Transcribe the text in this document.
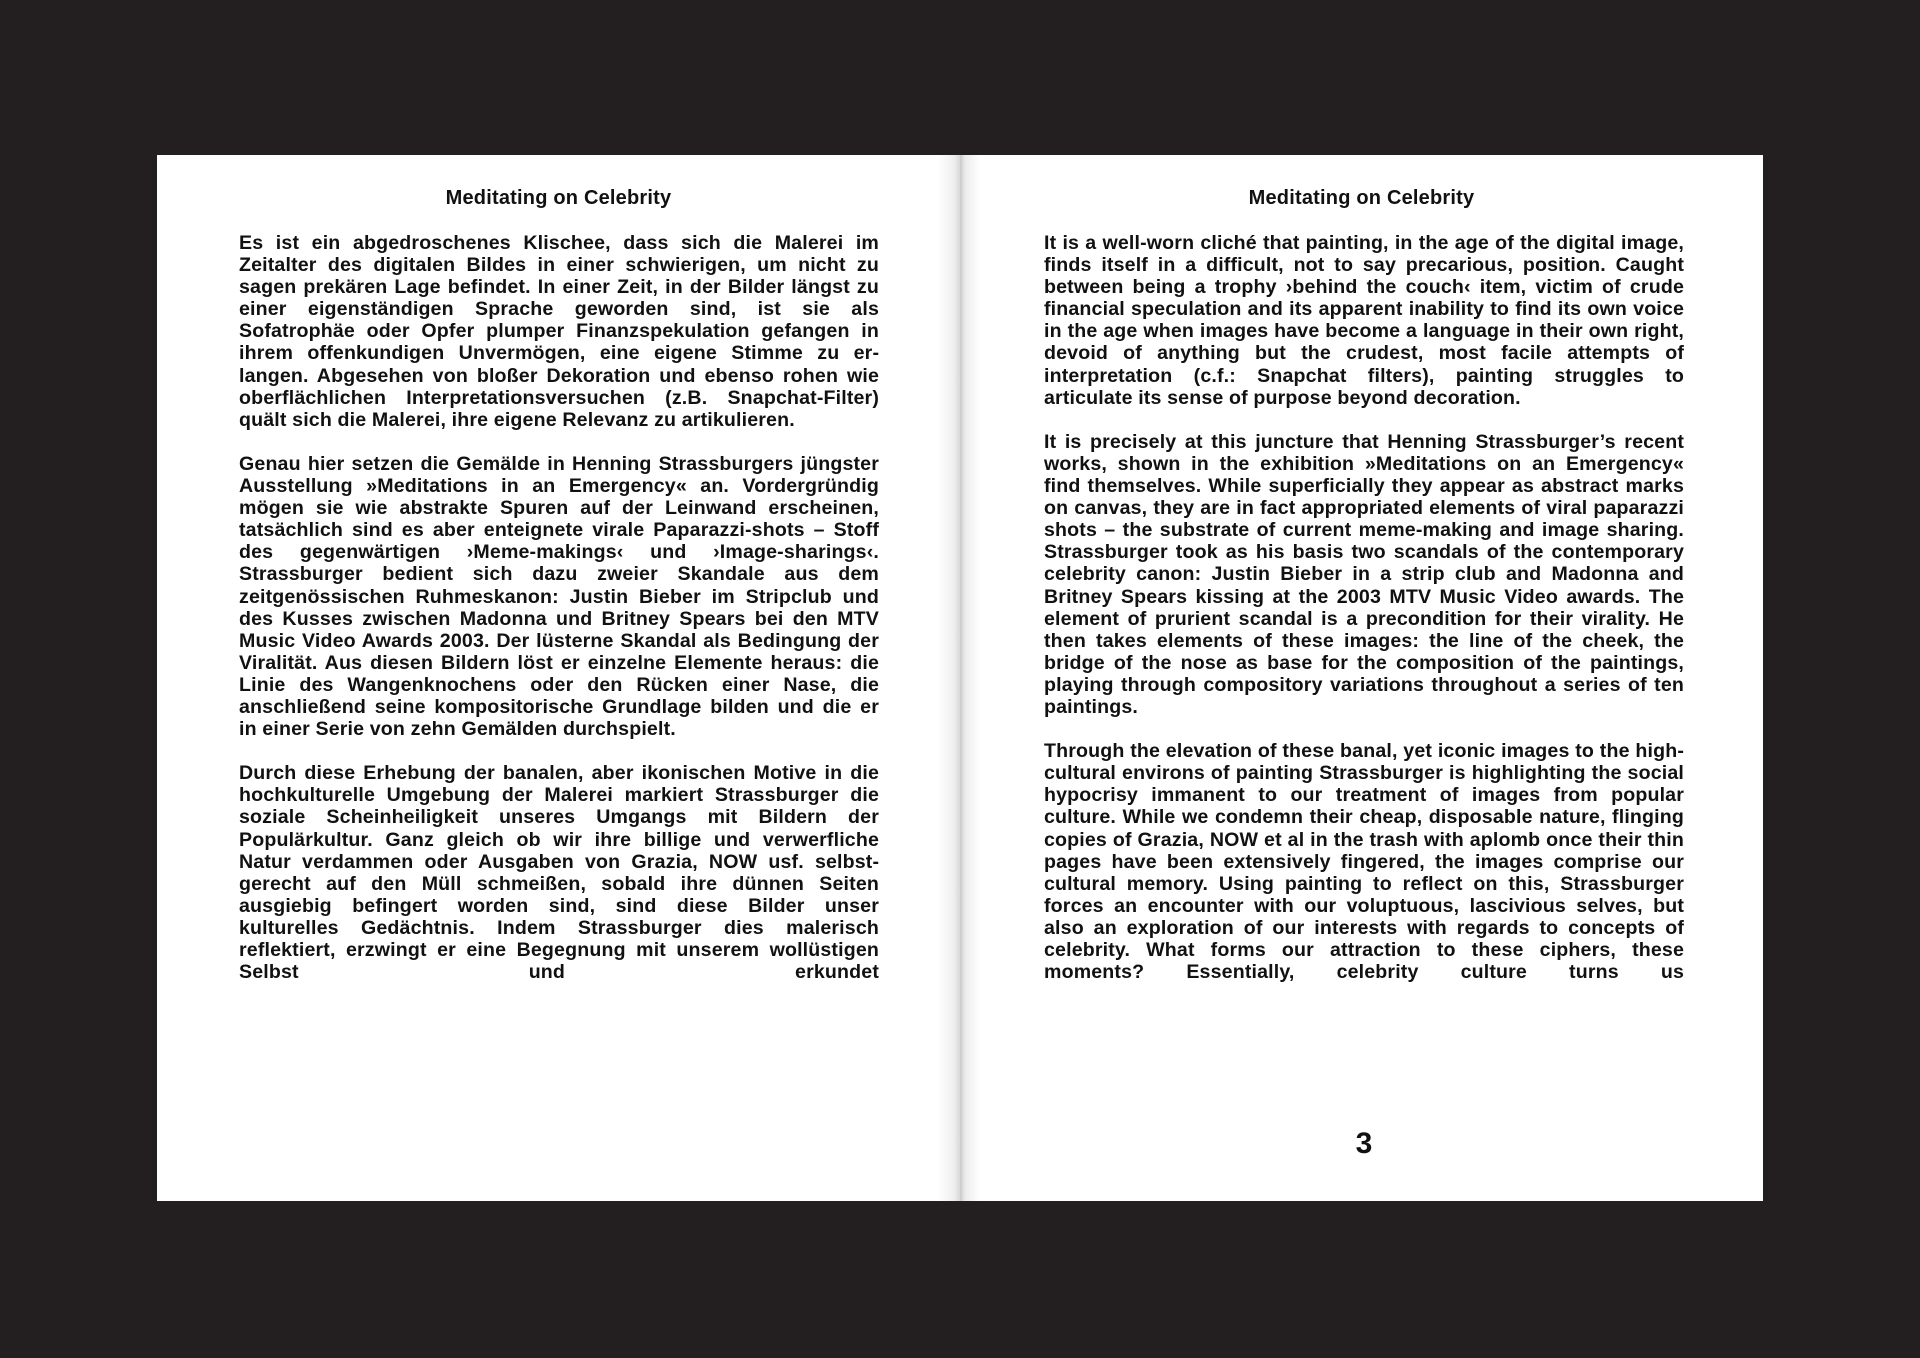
Meditating on Celebrity

Es ist ein abgedroschenes Klischee, dass sich die Malerei im Zeitalter des digitalen Bildes in einer schwierigen, um nicht zu sagen prekären Lage befindet. In einer Zeit, in der Bilder längst zu einer eigenständigen Sprache geworden sind, ist sie als Sofatrophäe oder Opfer plumper Finanzspekulation gefangen in ihrem offenkundigen Unvermögen, eine eigene Stimme zu erlangen. Abgesehen von bloßer Dekoration und ebenso rohen wie oberflächlichen Interpretationsversuchen (z.B. Snapchat-Filter) quält sich die Malerei, ihre eigene Relevanz zu artikulieren.

Genau hier setzen die Gemälde in Henning Strassburgers jüngster Ausstellung »Meditations in an Emergency« an. Vordergründig mögen sie wie abstrakte Spuren auf der Leinwand erscheinen, tatsächlich sind es aber enteignete virale Paparazzi-shots – Stoff des gegenwärtigen ›Meme-makings‹ und ›Image-sharings‹. Strassburger bedient sich dazu zweier Skandale aus dem zeitgenössischen Ruhmeskanon: Justin Bieber im Stripclub und des Kusses zwischen Madonna und Britney Spears bei den MTV Music Video Awards 2003. Der lüsterne Skandal als Bedingung der Viralität. Aus diesen Bildern löst er einzelne Elemente heraus: die Linie des Wangenknochens oder den Rücken einer Nase, die anschließend seine kompositorische Grundlage bilden und die er in einer Serie von zehn Gemälden durchspielt.

Durch diese Erhebung der banalen, aber ikonischen Motive in die hochkulturelle Umgebung der Malerei markiert Strassburger die soziale Scheinheiligkeit unseres Umgangs mit Bildern der Populärkultur. Ganz gleich ob wir ihre billige und verwerfliche Natur verdammen oder Ausgaben von Grazia, NOW usf. selbstgerecht auf den Müll schmeißen, sobald ihre dünnen Seiten ausgiebig befingert worden sind, sind diese Bilder unser kulturelles Gedächtnis. Indem Strassburger dies malerisch reflektiert, erzwingt er eine Begegnung mit unserem wollüstigen Selbst und erkundet

Meditating on Celebrity

It is a well-worn cliché that painting, in the age of the digital image, finds itself in a difficult, not to say precarious, position. Caught between being a trophy ›behind the couch‹ item, victim of crude financial speculation and its apparent inability to find its own voice in the age when images have become a language in their own right, devoid of anything but the crudest, most facile attempts of interpretation (c.f.: Snapchat filters), painting struggles to articulate its sense of purpose beyond decoration.

It is precisely at this juncture that Henning Strassburger’s recent works, shown in the exhibition »Meditations on an Emergency« find themselves. While superficially they appear as abstract marks on canvas, they are in fact appropriated elements of viral paparazzi shots – the substrate of current meme-making and image sharing. Strassburger took as his basis two scandals of the contemporary celebrity canon: Justin Bieber in a strip club and Madonna and Britney Spears kissing at the 2003 MTV Music Video awards. The element of prurient scandal is a precondition for their virality. He then takes elements of these images: the line of the cheek, the bridge of the nose as base for the composition of the paintings, playing through compository variations throughout a series of ten paintings.

Through the elevation of these banal, yet iconic images to the high-cultural environs of painting Strassburger is highlighting the social hypocrisy immanent to our treatment of images from popular culture. While we condemn their cheap, disposable nature, flinging copies of Grazia, NOW et al in the trash with aplomb once their thin pages have been extensively fingered, the images comprise our cultural memory. Using painting to reflect on this, Strassburger forces an encounter with our voluptuous, lascivious selves, but also an exploration of our interests with regards to concepts of celebrity. What forms our attraction to these ciphers, these moments? Essentially, celebrity culture turns us

3
